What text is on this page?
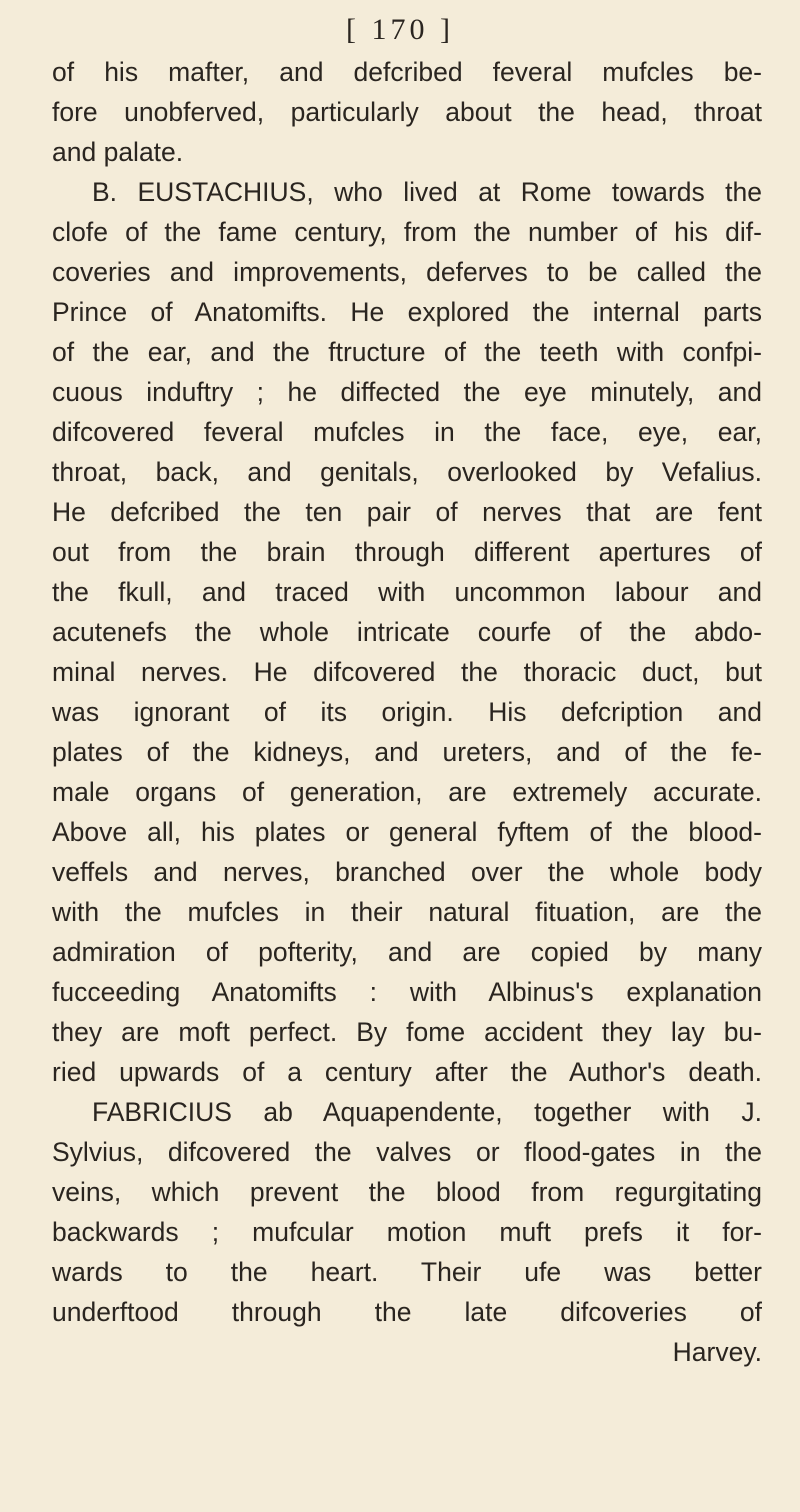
[ 170 ]
of his mafter, and defcribed feveral mufcles be-
fore unobferved, particularly about the head, throat
and palate.
B. EUSTACHIUS, who lived at Rome towards the
clofe of the fame century, from the number of his dif-
coveries and improvements, deferves to be called the
Prince of Anatomifts. He explored the internal parts
of the ear, and the ftructure of the teeth with confpi-
cuous induftry ; he diffected the eye minutely, and
difcovered feveral mufcles in the face, eye, ear,
throat, back, and genitals, overlooked by Vefalius.
He defcribed the ten pair of nerves that are fent
out from the brain through different apertures of
the fkull, and traced with uncommon labour and
acutenefs the whole intricate courfe of the abdo-
minal nerves. He difcovered the thoracic duct, but
was ignorant of its origin. His defcription and
plates of the kidneys, and ureters, and of the fe-
male organs of generation, are extremely accurate.
Above all, his plates or general fyftem of the blood-
veffels and nerves, branched over the whole body
with the mufcles in their natural fituation, are the
admiration of pofterity, and are copied by many
fucceeding Anatomifts : with Albinus's explanation
they are moft perfect. By fome accident they lay bu-
ried upwards of a century after the Author's death.
FABRICIUS ab Aquapendente, together with J.
Sylvius, difcovered the valves or flood-gates in the
veins, which prevent the blood from regurgitating
backwards ; mufcular motion muft prefs it for-
wards to the heart. Their ufe was better
underftood through the late difcoveries of
Harvey.
